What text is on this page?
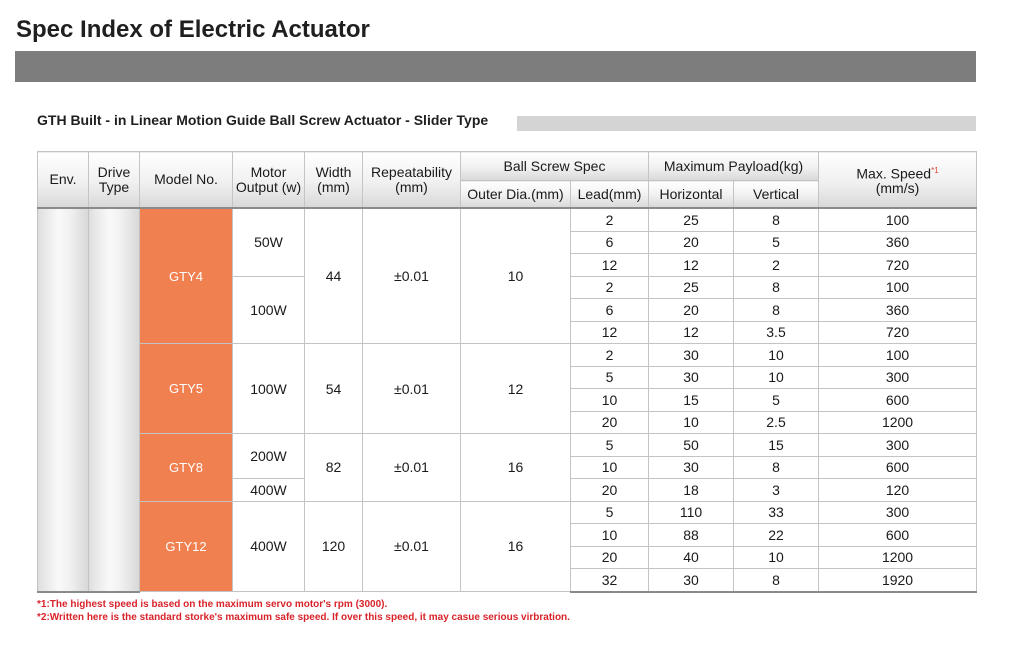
Spec Index of Electric Actuator
GTH Built - in Linear Motion Guide Ball Screw Actuator - Slider Type
Env.	Drive Type	Model No.	Motor Output (w)	Width (mm)	Repeatability (mm)	Ball Screw Spec		Maximum Payload(kg)		Max. Speed$^{*1}$
(mm/s)
						Outer Dia.(mm)	Lead(mm)	Horizontal	Vertical	
		GTY4	50W	44	±0.01	10	2	25	8	100
							6	20	5	360
							12	12	2	720
			100W				2	25	8	100
							6	20	8	360
							12	12	3.5	720
		GTY5	100W	54	±0.01	12	2	30	10	100
							5	30	10	300
							10	15	5	600
							20	10	2.5	1200
		GTY8	200W	82	±0.01	16	5	50	15	300
							10	30	8	600
			400W				20	18	3	120
		GTY12	400W	120	±0.01	16	5	110	33	300
							10	88	22	600
							20	40	10	1200
							32	30	8	1920

*1:The highest speed is based on the maximum servo motor's rpm (3000).

*2:Written here is the standard storke's maximum safe speed. If over this speed, it may casue serious virbration.
